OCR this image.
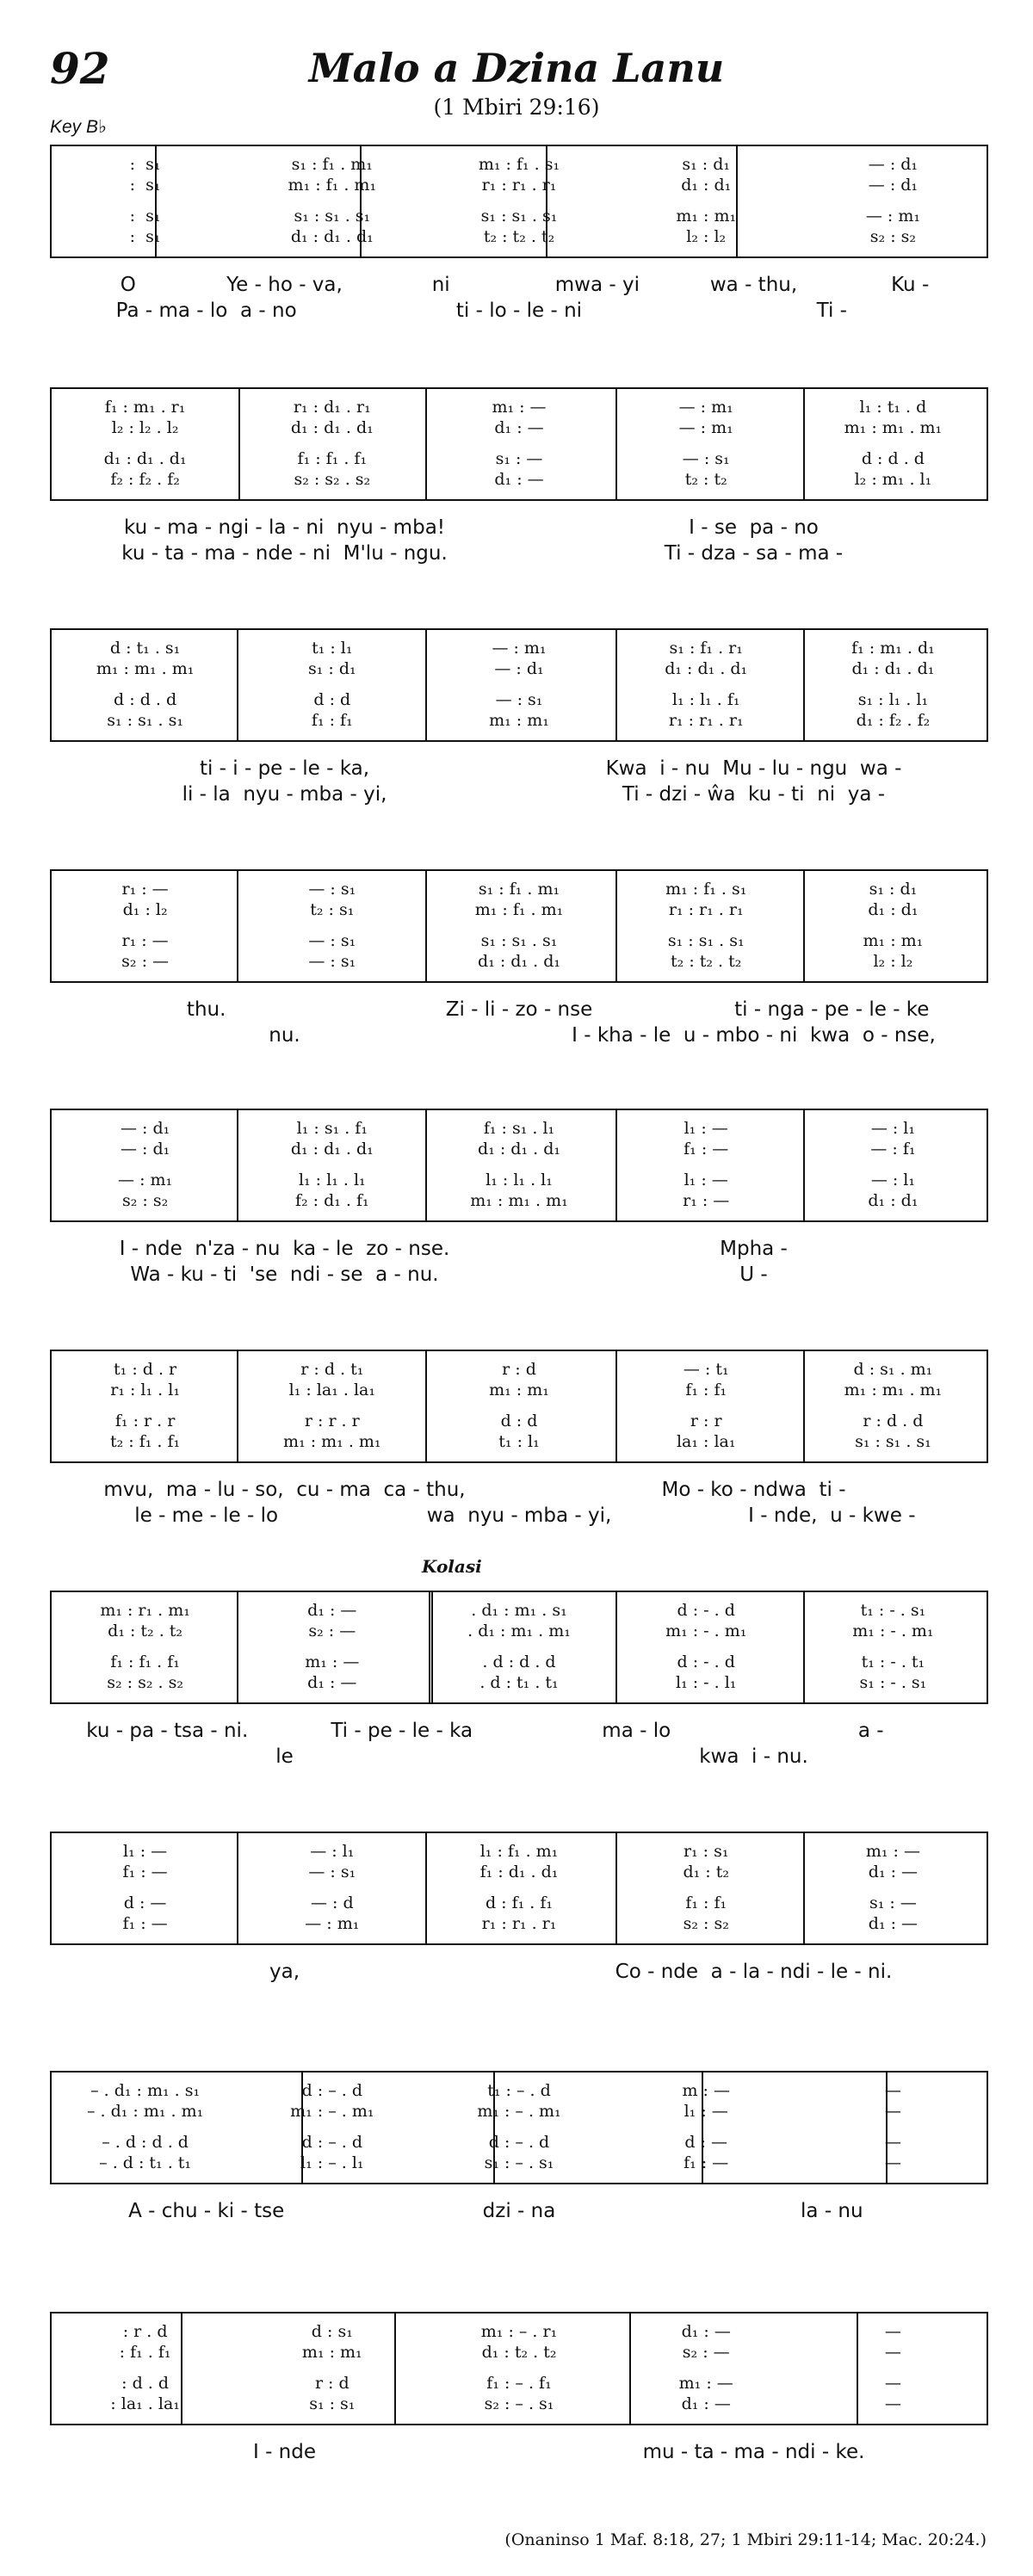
92	Malo a Dzina Lanu
(1 Mbiri 29:16)
Key B♭
Kolasi
:  s₁	s₁ : f₁ . m₁	m₁ : f₁ . s₁	s₁ : d₁	— : d₁
:  s₁	m₁ : f₁ . m₁	r₁ : r₁ . r₁	d₁ : d₁	— : d₁
:  s₁	s₁ : s₁ . s₁	s₁ : s₁ . s₁	m₁ : m₁	— : m₁
:  s₁	d₁ : d₁ . d₁	t₂ : t₂ . t₂	l₂ : l₂	s₂ : s₂
O	Ye - ho - va,	ni	mwa - yi	wa - thu,	Ku -
Pa - ma - lo  a - no	ti - lo - le - ni	Ti -
f₁ : m₁ . r₁	r₁ : d₁ . r₁	m₁ : —	— : m₁	l₁ : t₁ . d
l₂ : l₂ . l₂	d₁ : d₁ . d₁	d₁ : —	— : m₁	m₁ : m₁ . m₁
d₁ : d₁ . d₁	f₁ : f₁ . f₁	s₁ : —	— : s₁	d : d . d
f₂ : f₂ . f₂	s₂ : s₂ . s₂	d₁ : —	t₂ : t₂	l₂ : m₁ . l₁
ku - ma - ngi - la - ni  nyu - mba!	I - se  pa - no
ku - ta - ma - nde - ni  M'lu - ngu.	Ti - dza - sa - ma -
d : t₁ . s₁	t₁ : l₁	— : m₁	s₁ : f₁ . r₁	f₁ : m₁ . d₁
m₁ : m₁ . m₁	s₁ : d₁	— : d₁	d₁ : d₁ . d₁	d₁ : d₁ . d₁
d : d . d	d : d	— : s₁	l₁ : l₁ . f₁	s₁ : l₁ . l₁
s₁ : s₁ . s₁	f₁ : f₁	m₁ : m₁	r₁ : r₁ . r₁	d₁ : f₂ . f₂
ti - i - pe - le - ka,	Kwa  i - nu  Mu - lu - ngu  wa -
li - la  nyu - mba - yi,	Ti - dzi - ŵa  ku - ti  ni  ya -
r₁ : —	— : s₁	s₁ : f₁ . m₁	m₁ : f₁ . s₁	s₁ : d₁
d₁ : l₂	t₂ : s₁	m₁ : f₁ . m₁	r₁ : r₁ . r₁	d₁ : d₁
r₁ : —	— : s₁	s₁ : s₁ . s₁	s₁ : s₁ . s₁	m₁ : m₁
s₂ : —	— : s₁	d₁ : d₁ . d₁	t₂ : t₂ . t₂	l₂ : l₂
thu.	Zi - li - zo - nse	ti - nga - pe - le - ke
nu.	I - kha - le  u - mbo - ni  kwa  o - nse,
— : d₁	l₁ : s₁ . f₁	f₁ : s₁ . l₁	l₁ : —	— : l₁
— : d₁	d₁ : d₁ . d₁	d₁ : d₁ . d₁	f₁ : —	— : f₁
— : m₁	l₁ : l₁ . l₁	l₁ : l₁ . l₁	l₁ : —	— : l₁
s₂ : s₂	f₂ : d₁ . f₁	m₁ : m₁ . m₁	r₁ : —	d₁ : d₁
I - nde  n'za - nu  ka - le  zo - nse.	Mpha -
Wa - ku - ti  'se  ndi - se  a - nu.	U -
t₁ : d . r	r : d . t₁	r : d	— : t₁	d : s₁ . m₁
r₁ : l₁ . l₁	l₁ : la₁ . la₁	m₁ : m₁	f₁ : f₁	m₁ : m₁ . m₁
f₁ : r . r	r : r . r	d : d	r : r	r : d . d
t₂ : f₁ . f₁	m₁ : m₁ . m₁	t₁ : l₁	la₁ : la₁	s₁ : s₁ . s₁
mvu,  ma - lu - so,  cu - ma  ca - thu,	Mo - ko - ndwa  ti -
le - me - le - lo	wa  nyu - mba - yi,	I - nde,  u - kwe -
m₁ : r₁ . m₁	d₁ : —	. d₁ : m₁ . s₁	d : - . d	t₁ : - . s₁
d₁ : t₂ . t₂	s₂ : —	. d₁ : m₁ . m₁	m₁ : - . m₁	m₁ : - . m₁
f₁ : f₁ . f₁	m₁ : —	. d : d . d	d : - . d	t₁ : - . t₁
s₂ : s₂ . s₂	d₁ : —	. d : t₁ . t₁	l₁ : - . l₁	s₁ : - . s₁
ku - pa - tsa - ni.	Ti - pe - le - ka	ma - lo	a -
le	kwa  i - nu.
l₁ : —	— : l₁	l₁ : f₁ . m₁	r₁ : s₁	m₁ : —
f₁ : —	— : s₁	f₁ : d₁ . d₁	d₁ : t₂	d₁ : —
d : —	— : d	d : f₁ . f₁	f₁ : f₁	s₁ : —
f₁ : —	— : m₁	r₁ : r₁ . r₁	s₂ : s₂	d₁ : —
ya,	Co - nde  a - la - ndi - le - ni.
– . d₁ : m₁ . s₁	d : – . d	t₁ : – . d	m : —	—
– . d₁ : m₁ . m₁	m₁ : – . m₁	m₁ : – . m₁	l₁ : —	—
– . d : d . d	d : – . d	d : – . d	d : —	—
– . d : t₁ . t₁	l₁ : – . l₁	s₁ : – . s₁	f₁ : —	—
A - chu - ki - tse	dzi - na	la - nu
: r . d	d : s₁	m₁ : – . r₁	d₁ : —	—
: f₁ . f₁	m₁ : m₁	d₁ : t₂ . t₂	s₂ : —	—
: d . d	r : d	f₁ : – . f₁	m₁ : —	—
: la₁ . la₁	s₁ : s₁	s₂ : – . s₁	d₁ : —	—
I - nde	mu - ta - ma - ndi - ke.
(Onaninso 1 Maf. 8:18, 27; 1 Mbiri 29:11-14; Mac. 20:24.)
